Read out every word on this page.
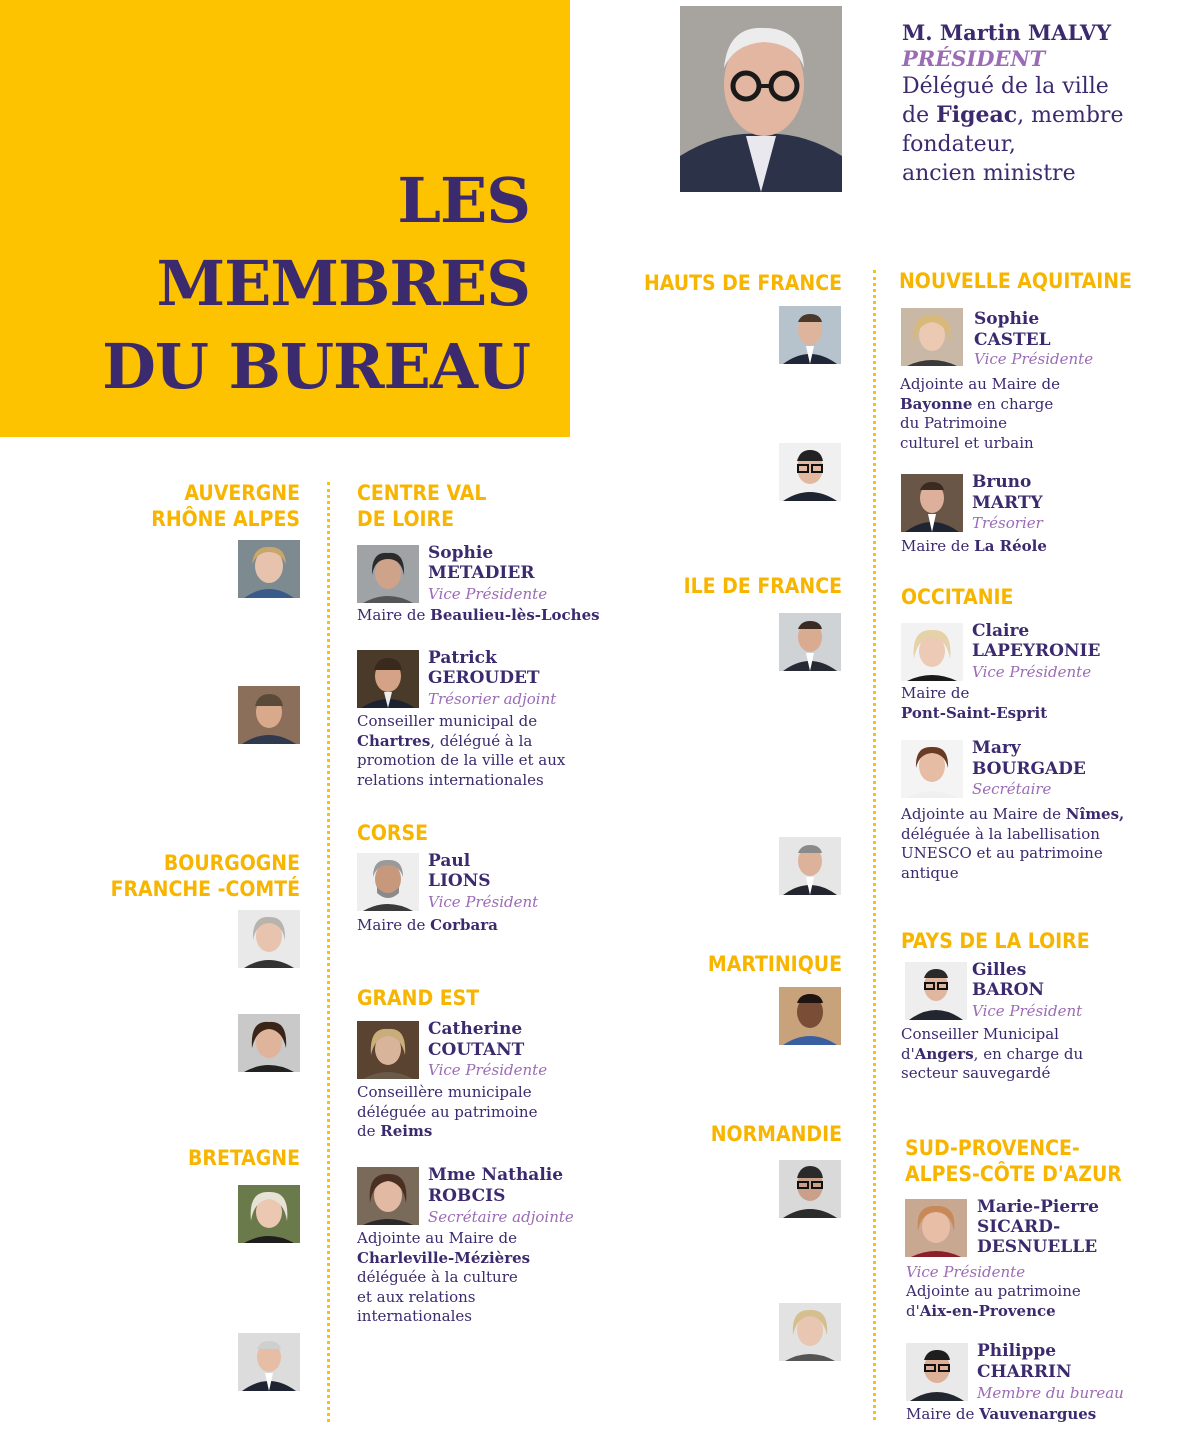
LES
MEMBRES
DU BUREAU
M. Martin MALVY
PRÉSIDENT
Délégué de la ville
de Figeac, membre
fondateur,
ancien ministre
AUVERGNE
RHÔNE ALPES
BOURGOGNE
FRANCHE -COMTÉ
BRETAGNE
CENTRE VAL
DE LOIRE
Sophie
METADIER
Vice Présidente
Maire de Beaulieu-lès-Loches
Patrick
GEROUDET
Trésorier adjoint
Conseiller municipal de
Chartres, délégué à la
promotion de la ville et aux
relations internationales
CORSE
Paul
LIONS
Vice Président
Maire de Corbara
GRAND EST
Catherine
COUTANT
Vice Présidente
Conseillère municipale
déléguée au patrimoine
de Reims
Mme Nathalie
ROBCIS
Secrétaire adjointe
Adjointe au Maire de
Charleville-Mézières
déléguée à la culture
et aux relations
internationales
HAUTS DE FRANCE
ILE DE FRANCE
MARTINIQUE
NORMANDIE
NOUVELLE AQUITAINE
Sophie
CASTEL
Vice Présidente
Adjointe au Maire de
Bayonne en charge
du Patrimoine
culturel et urbain
Bruno
MARTY
Trésorier
Maire de La Réole
OCCITANIE
Claire
LAPEYRONIE
Vice Présidente
Maire de
Pont-Saint-Esprit
Mary
BOURGADE
Secrétaire
Adjointe au Maire de Nîmes,
déléguée à la labellisation
UNESCO et au patrimoine
antique
PAYS DE LA LOIRE
Gilles
BARON
Vice Président
Conseiller Municipal
d'Angers, en charge du
secteur sauvegardé
SUD-PROVENCE-
ALPES-CÔTE D'AZUR
Marie-Pierre
SICARD-
DESNUELLE
Vice Présidente
Adjointe au patrimoine
d'Aix-en-Provence
Philippe
CHARRIN
Membre du bureau
Maire de Vauvenargues
